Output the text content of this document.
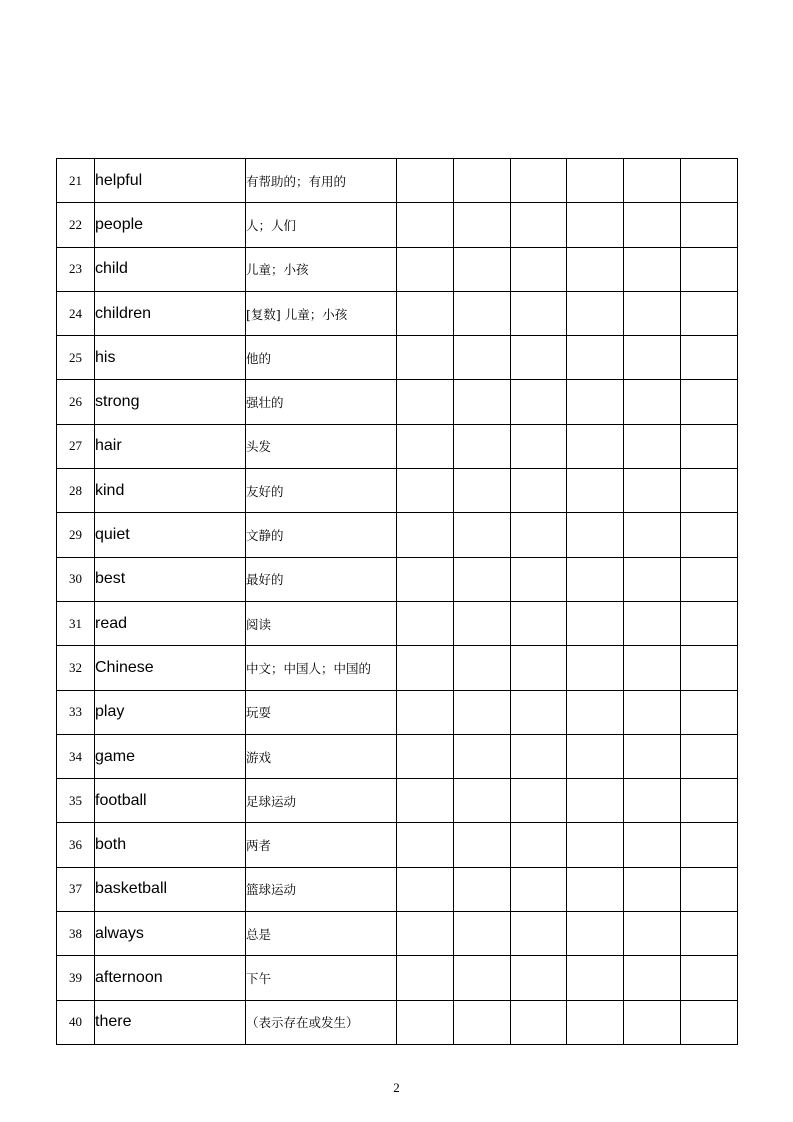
21	helpful	有帮助的；有用的						
22	people	人；人们						
23	child	儿童；小孩						
24	children	[复数] 儿童；小孩						
25	his	他的						
26	strong	强壮的						
27	hair	头发						
28	kind	友好的						
29	quiet	文静的						
30	best	最好的						
31	read	阅读						
32	Chinese	中文；中国人；中国的						
33	play	玩耍						
34	game	游戏						
35	football	足球运动						
36	both	两者						
37	basketball	篮球运动						
38	always	总是						
39	afternoon	下午						
40	there	（表示存在或发生）						
2
